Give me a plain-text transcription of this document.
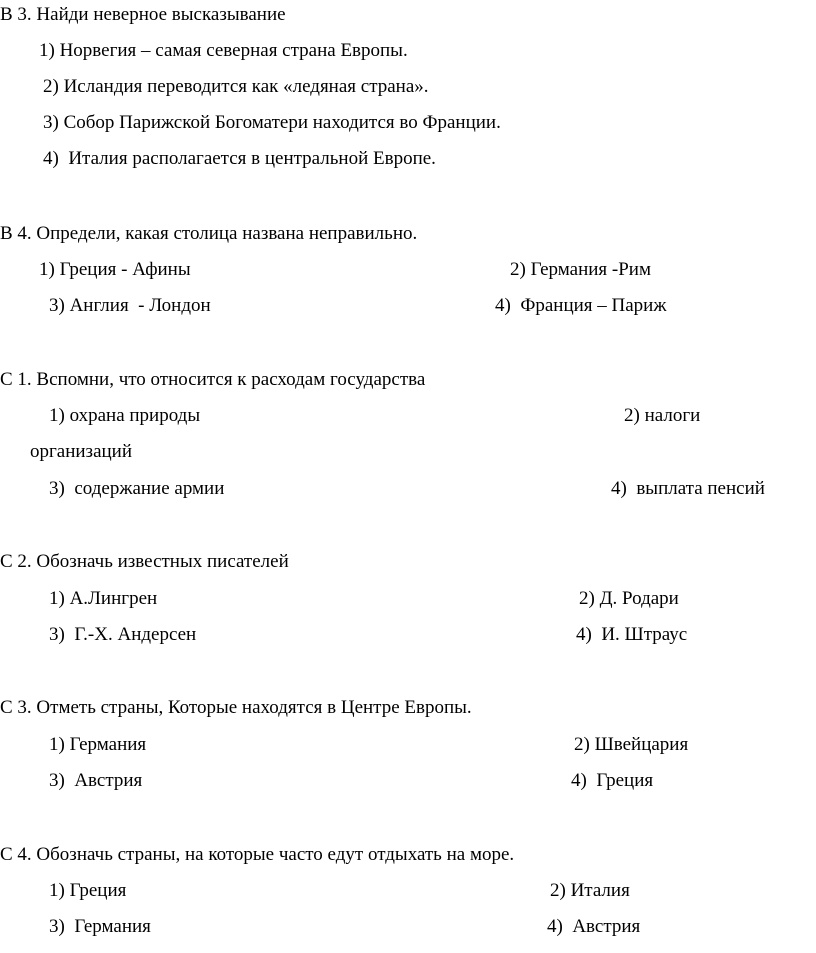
B 3. Найди неверное высказывание
1) Норвегия – самая северная страна Европы.
2) Исландия переводится как «ледяная страна».
3) Собор Парижской Богоматери находится во Франции.
4)  Италия располагается в центральной Европе.
B 4. Определи, какая столица названа неправильно.
1) Греция - Афины	2) Германия -Рим
3) Англия  - Лондон	4)  Франция – Париж
С 1. Вспомни, что относится к расходам государства
1) охрана природы	2) налоги
организаций
3)  содержание армии	4)  выплата пенсий
С 2. Обозначь известных писателей
1) А.Лингрен	2) Д. Родари
3)  Г.-Х. Андерсен	4)  И. Штраус
С 3. Отметь страны, Которые находятся в Центре Европы.
1) Германия	2) Швейцария
3)  Австрия	4)  Греция
С 4. Обозначь страны, на которые часто едут отдыхать на море.
1) Греция	2) Италия
3)  Германия	4)  Австрия
